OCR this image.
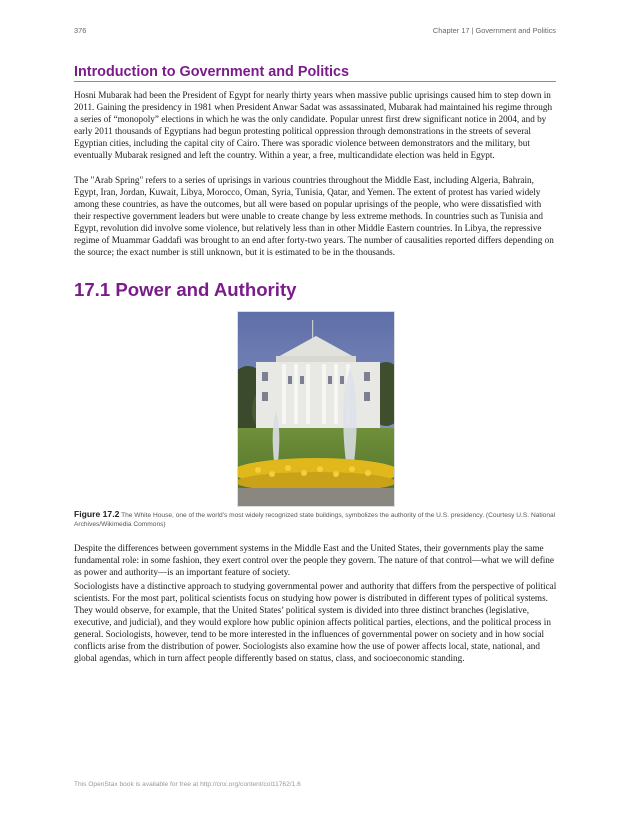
376	Chapter 17 | Government and Politics
Introduction to Government and Politics

Hosni Mubarak had been the President of Egypt for nearly thirty years when massive public uprisings caused him to step down in 2011. Gaining the presidency in 1981 when President Anwar Sadat was assassinated, Mubarak had maintained his regime through a series of “monopoly” elections in which he was the only candidate. Popular unrest first drew significant notice in 2004, and by early 2011 thousands of Egyptians had begun protesting political oppression through demonstrations in the streets of several Egyptian cities, including the capital city of Cairo. There was sporadic violence between demonstrators and the military, but eventually Mubarak resigned and left the country. Within a year, a free, multicandidate election was held in Egypt.

The "Arab Spring" refers to a series of uprisings in various countries throughout the Middle East, including Algeria, Bahrain, Egypt, Iran, Jordan, Kuwait, Libya, Morocco, Oman, Syria, Tunisia, Qatar, and Yemen. The extent of protest has varied widely among these countries, as have the outcomes, but all were based on popular uprisings of the people, who were dissatisfied with their respective government leaders but were unable to create change by less extreme methods. In countries such as Tunisia and Egypt, revolution did involve some violence, but relatively less than in other Middle Eastern countries. In Libya, the repressive regime of Muammar Gaddafi was brought to an end after forty-two years. The number of causalities reported differs depending on the source; the exact number is still unknown, but it is estimated to be in the thousands.

17.1 Power and Authority

Figure 17.2 The White House, one of the world’s most widely recognized state buildings, symbolizes the authority of the U.S. presidency. (Courtesy U.S. National Archives/Wikimedia Commons)

Despite the differences between government systems in the Middle East and the United States, their governments play the same fundamental role: in some fashion, they exert control over the people they govern. The nature of that control—what we will define as power and authority—is an important feature of society.

Sociologists have a distinctive approach to studying governmental power and authority that differs from the perspective of political scientists. For the most part, political scientists focus on studying how power is distributed in different types of political systems. They would observe, for example, that the United States’ political system is divided into three distinct branches (legislative, executive, and judicial), and they would explore how public opinion affects political parties, elections, and the political process in general. Sociologists, however, tend to be more interested in the influences of governmental power on society and in how social conflicts arise from the distribution of power. Sociologists also examine how the use of power affects local, state, national, and global agendas, which in turn affect people differently based on status, class, and socioeconomic standing.

This OpenStax book is available for free at http://cnx.org/content/col11762/1.6
